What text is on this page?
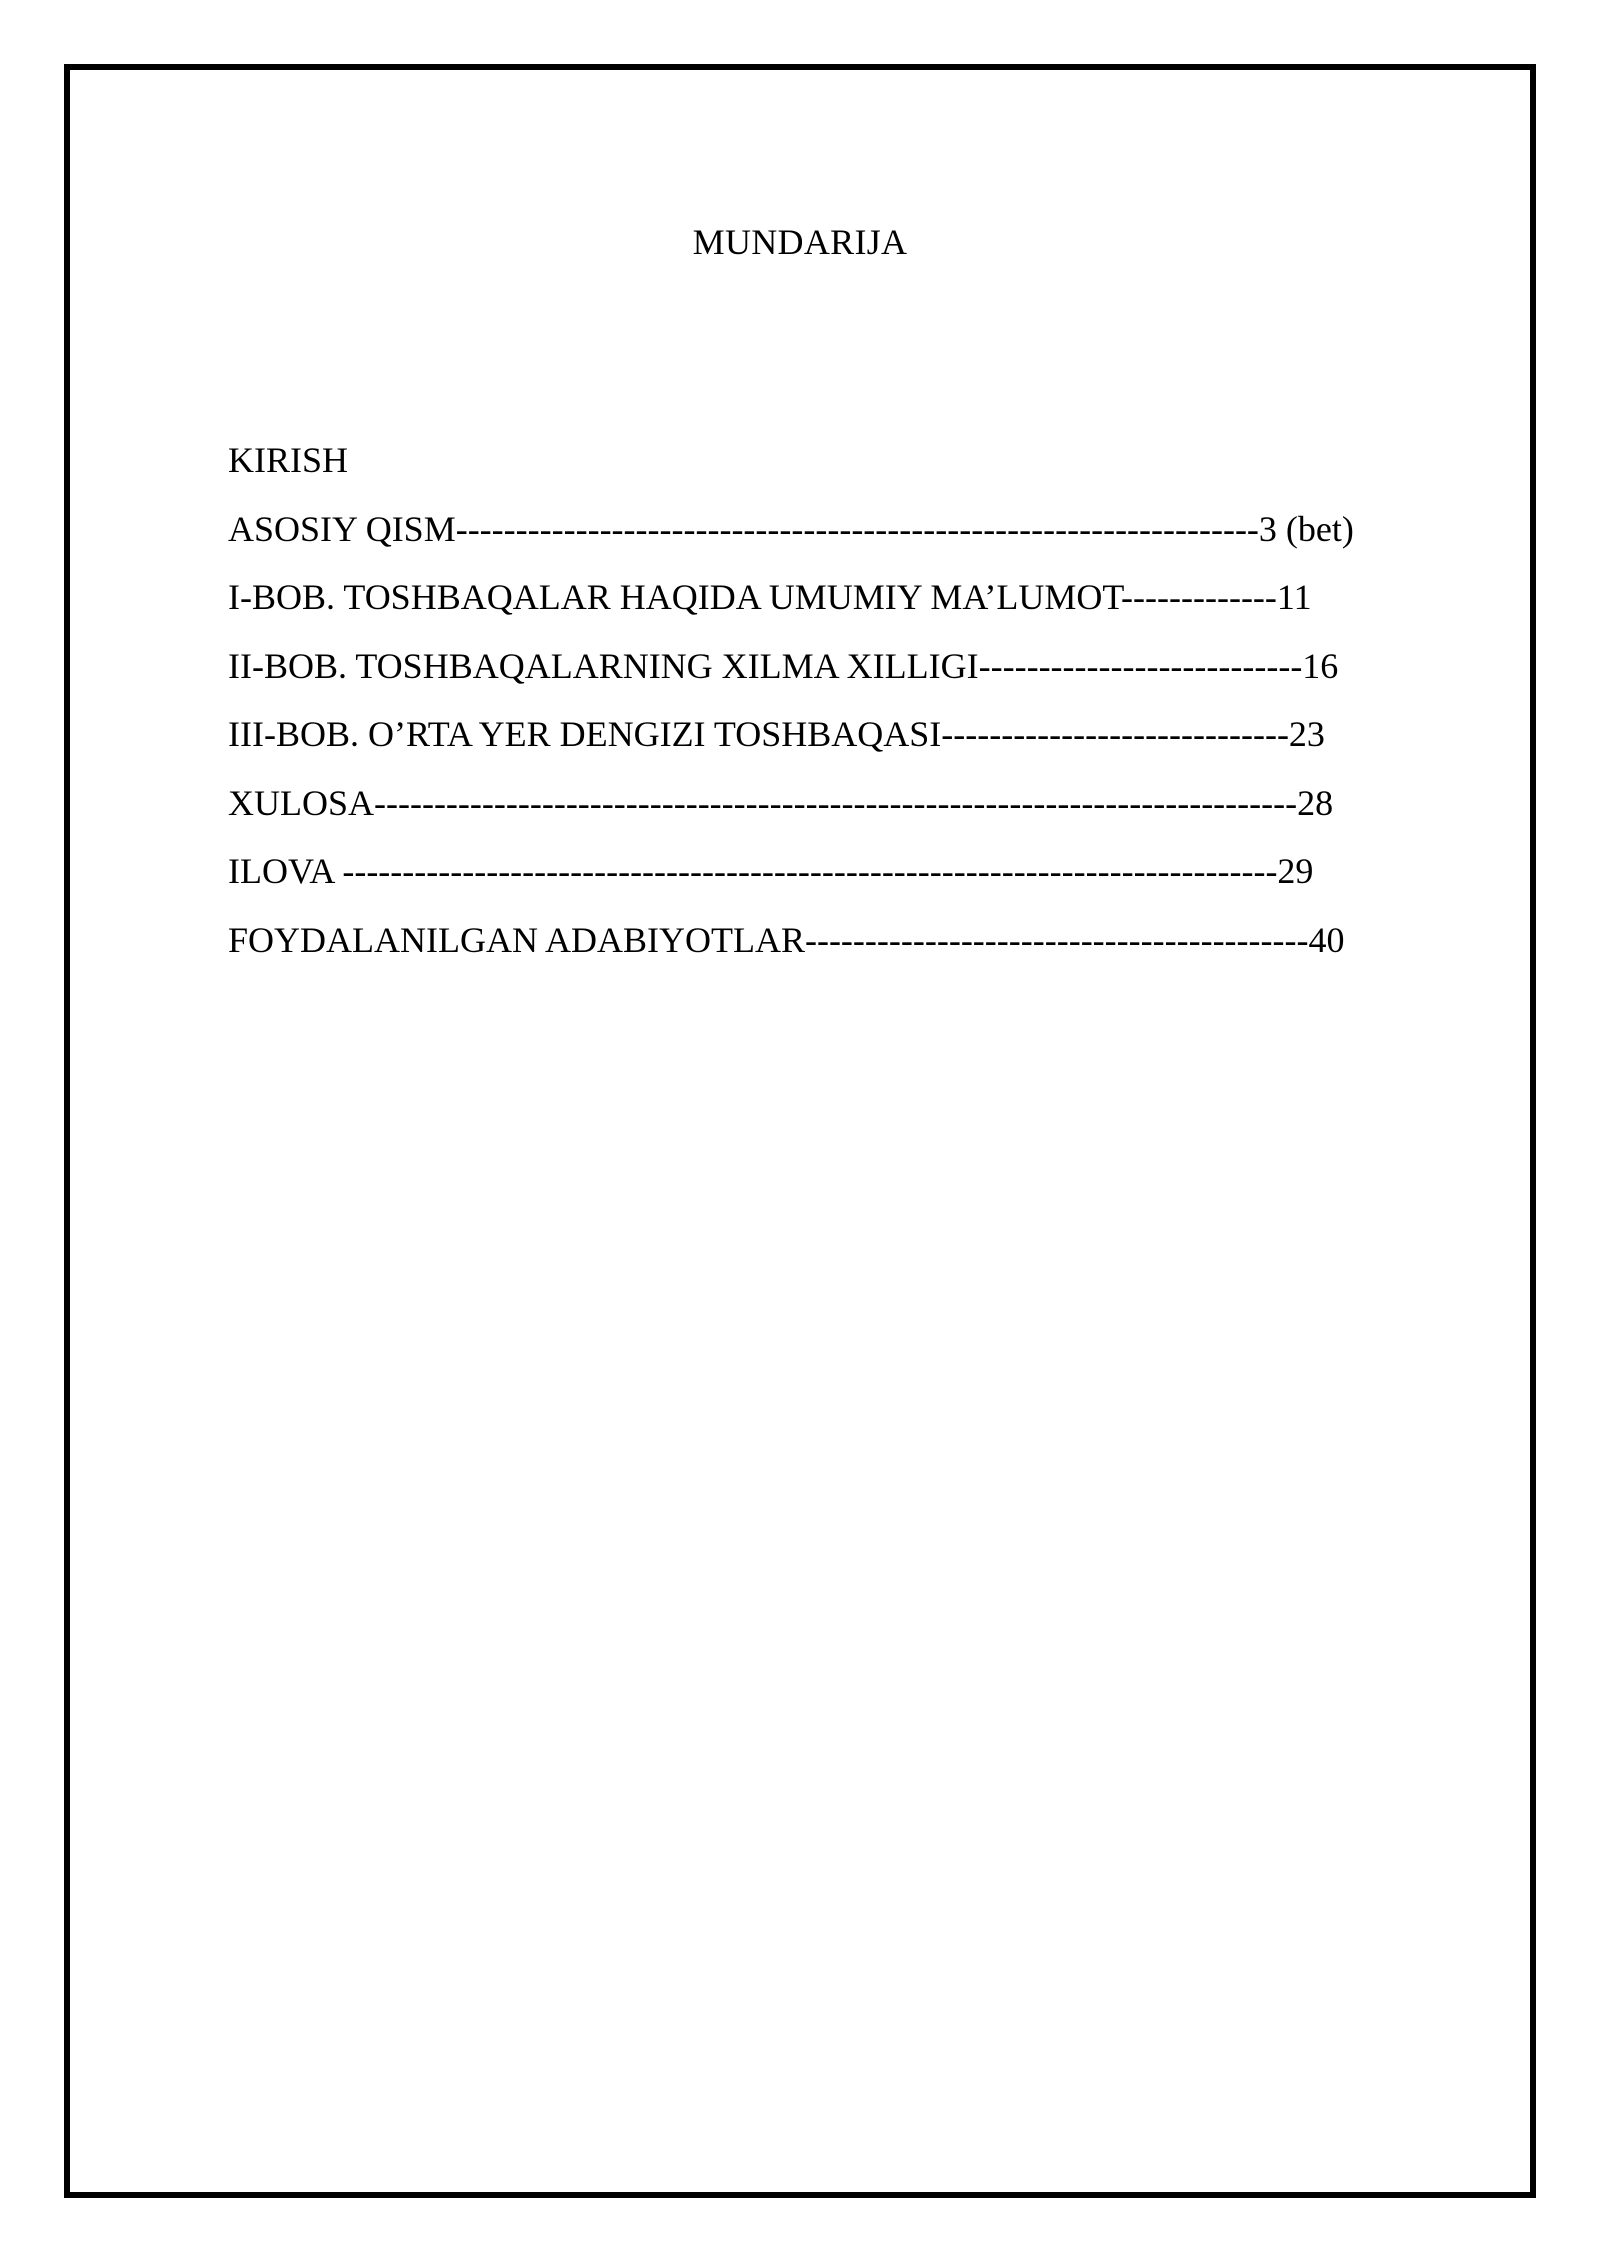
MUNDARIJA
KIRISH
ASOSIY QISM-------------------------------------------------------------------3 (bet)
I-BOB. TOSHBAQALAR HAQIDA UMUMIY MA’LUMOT-------------11
II-BOB. TOSHBAQALARNING XILMA XILLIGI---------------------------16
III-BOB. O’RTA YER DENGIZI TOSHBAQASI-----------------------------23
XULOSA-----------------------------------------------------------------------------28
ILOVA ------------------------------------------------------------------------------29
FOYDALANILGAN ADABIYOTLAR------------------------------------------40
